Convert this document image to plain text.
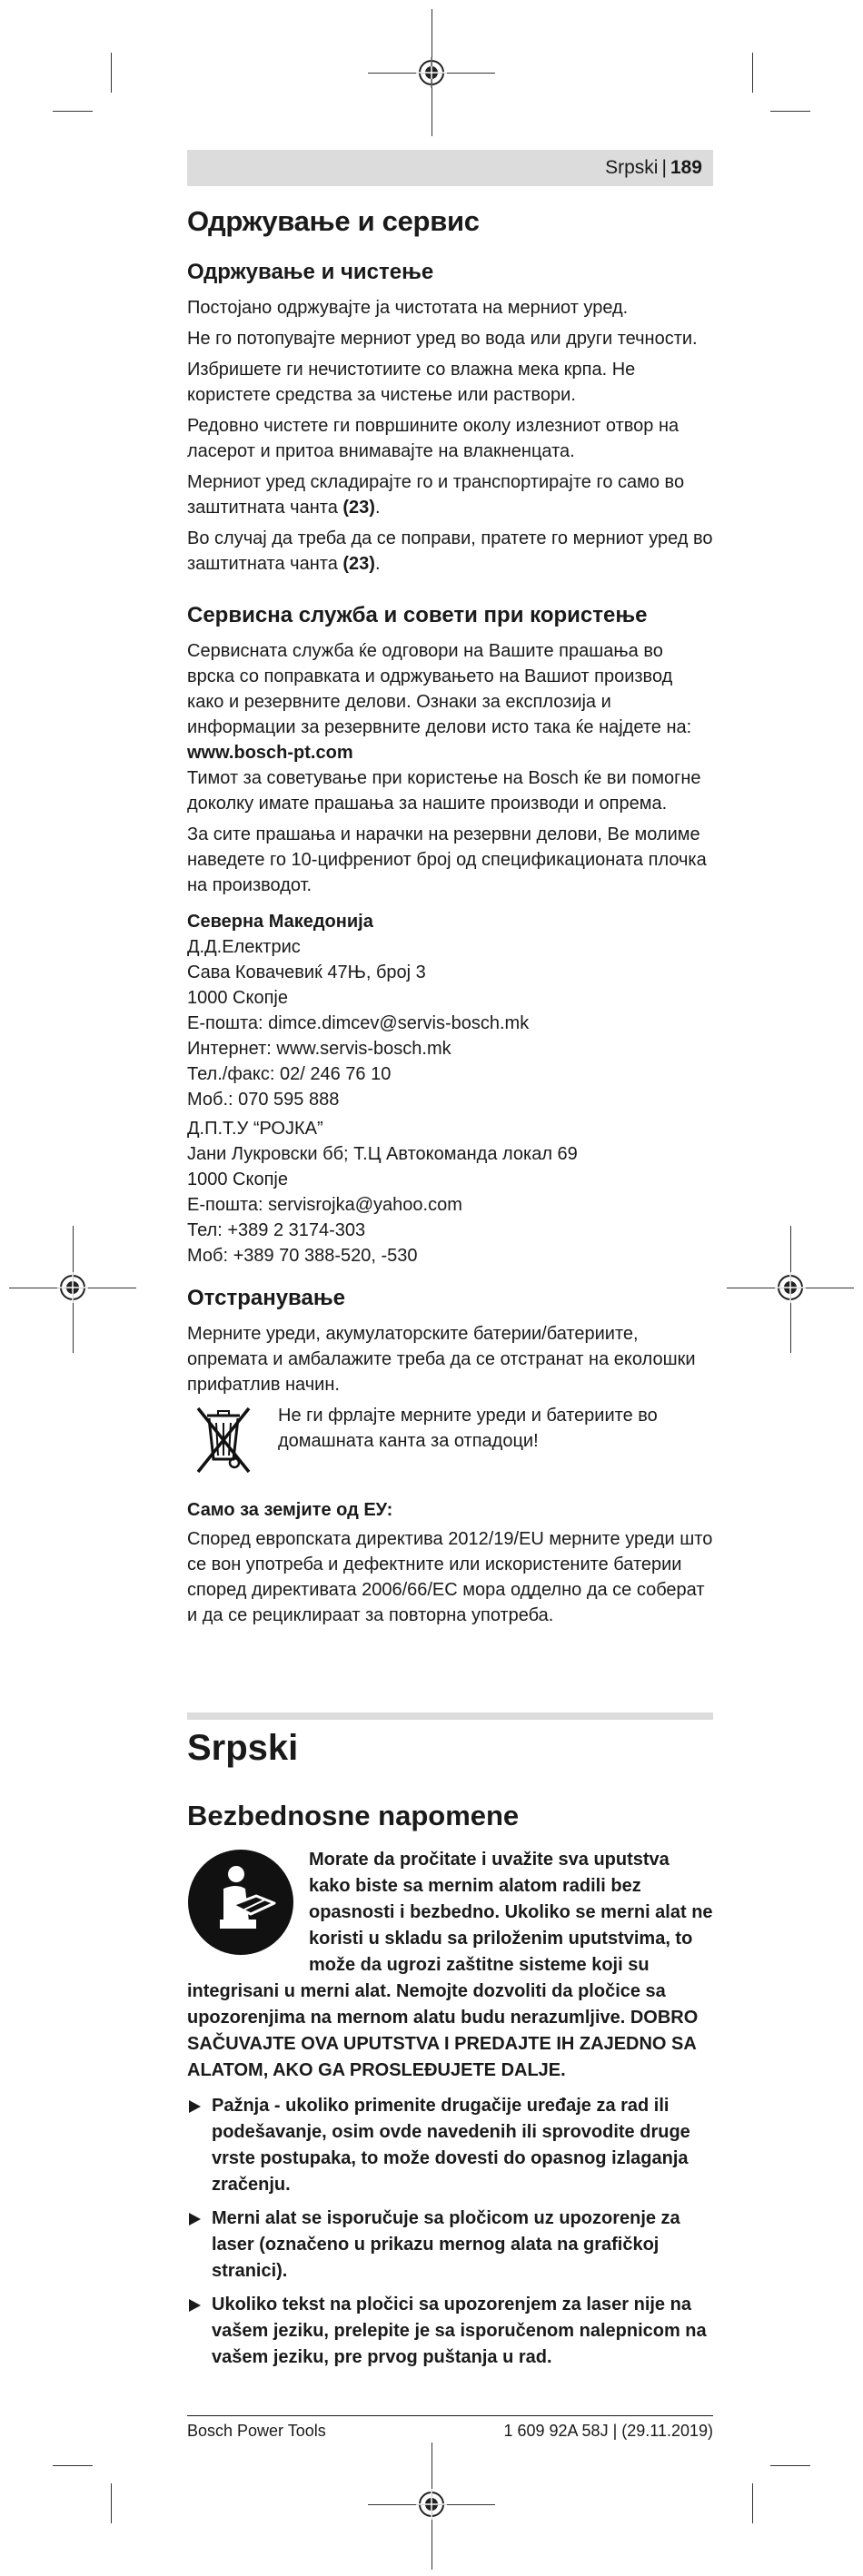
Srpski | 189
Одржување и сервис
Одржување и чистење
Постојано одржувајте ја чистотата на мерниот уред.
Не го потопувајте мерниот уред во вода или други течности.
Избришете ги нечистотиите со влажна мека крпа. Не користете средства за чистење или раствори.
Редовно чистете ги површините околу излезниот отвор на ласерот и притоа внимавајте на влакненцата.
Мерниот уред складирајте го и транспортирајте го само во заштитната чанта (23).
Во случај да треба да се поправи, пратете го мерниот уред во заштитната чанта (23).
Сервисна служба и совети при користење
Сервисната служба ќе одговори на Вашите прашања во врcка со поправката и одржувањето на Вашиот производ како и резервните делови. Ознаки за експлозија и информации за резервните делови исто така ќе најдете на:
www.bosch-pt.com
Тимот за советување при користење на Bosch ќе ви помогне доколку имате прашања за нашите производи и опрема.
За сите прашања и нарачки на резервни делови, Ве молиме наведете го 10-цифрениот број од спецификационата плочка на производот.
Северна Македонија
Д.Д.Електрис
Сава Ковачевиќ 47Њ, број 3
1000 Скопје
Е-пошта: dimce.dimcev@servis-bosch.mk
Интернет: www.servis-bosch.mk
Тел./факс: 02/ 246 76 10
Моб.: 070 595 888
Д.П.Т.У “РОЈКА”
Јани Лукровски бб; Т.Ц Автокоманда локал 69
1000 Скопје
Е-пошта: servisrojka@yahoo.com
Тел: +389 2 3174-303
Моб: +389 70 388-520, -530
Отстранување
Мерните уреди, акумулаторските батерии/батериите, опремата и амбалажите треба да се отстранат на еколошки прифатлив начин.
Не ги фрлајте мерните уреди и батериите во домашната канта за отпадоци!
Само за земјите од ЕУ:
Според европската директива 2012/19/EU мерните уреди што се вон употреба и дефектните или искористените батерии според директивата 2006/66/EC мора одделно да се соберат и да се рециклираат за повторна употреба.
Srpski
Bezbednosne napomene

Morate da pročitate i uvažite sva uputstva kako biste sa mernim alatom radili bez opasnosti i bezbedno. Ukoliko se merni alat ne koristi u skladu sa priloženim uputstvima, to može da ugrozi zaštitne sisteme koji su integrisani u merni alat. Nemojte dozvoliti da pločice sa upozorenjima na mernom alatu budu nerazumljive. DOBRO SAČUVAJTE OVA UPUTSTVA I PREDAJTE IH ZAJEDNO SA ALATOM, AKO GA PROSLEĐUJETE DALJE.

Pažnja - ukoliko primenite drugačije uređaje za rad ili podešavanje, osim ovde navedenih ili sprovodite druge vrste postupaka, to može dovesti do opasnog izlaganja zračenju.
Merni alat se isporučuje sa pločicom uz upozorenje za laser (označeno u prikazu mernog alata na grafičkoj stranici).
Ukoliko tekst na pločici sa upozorenjem za laser nije na vašem jeziku, prelepite je sa isporučenom nalepnicom na vašem jeziku, pre prvog puštanja u rad.
Bosch Power Tools	1 609 92A 58J | (29.11.2019)
